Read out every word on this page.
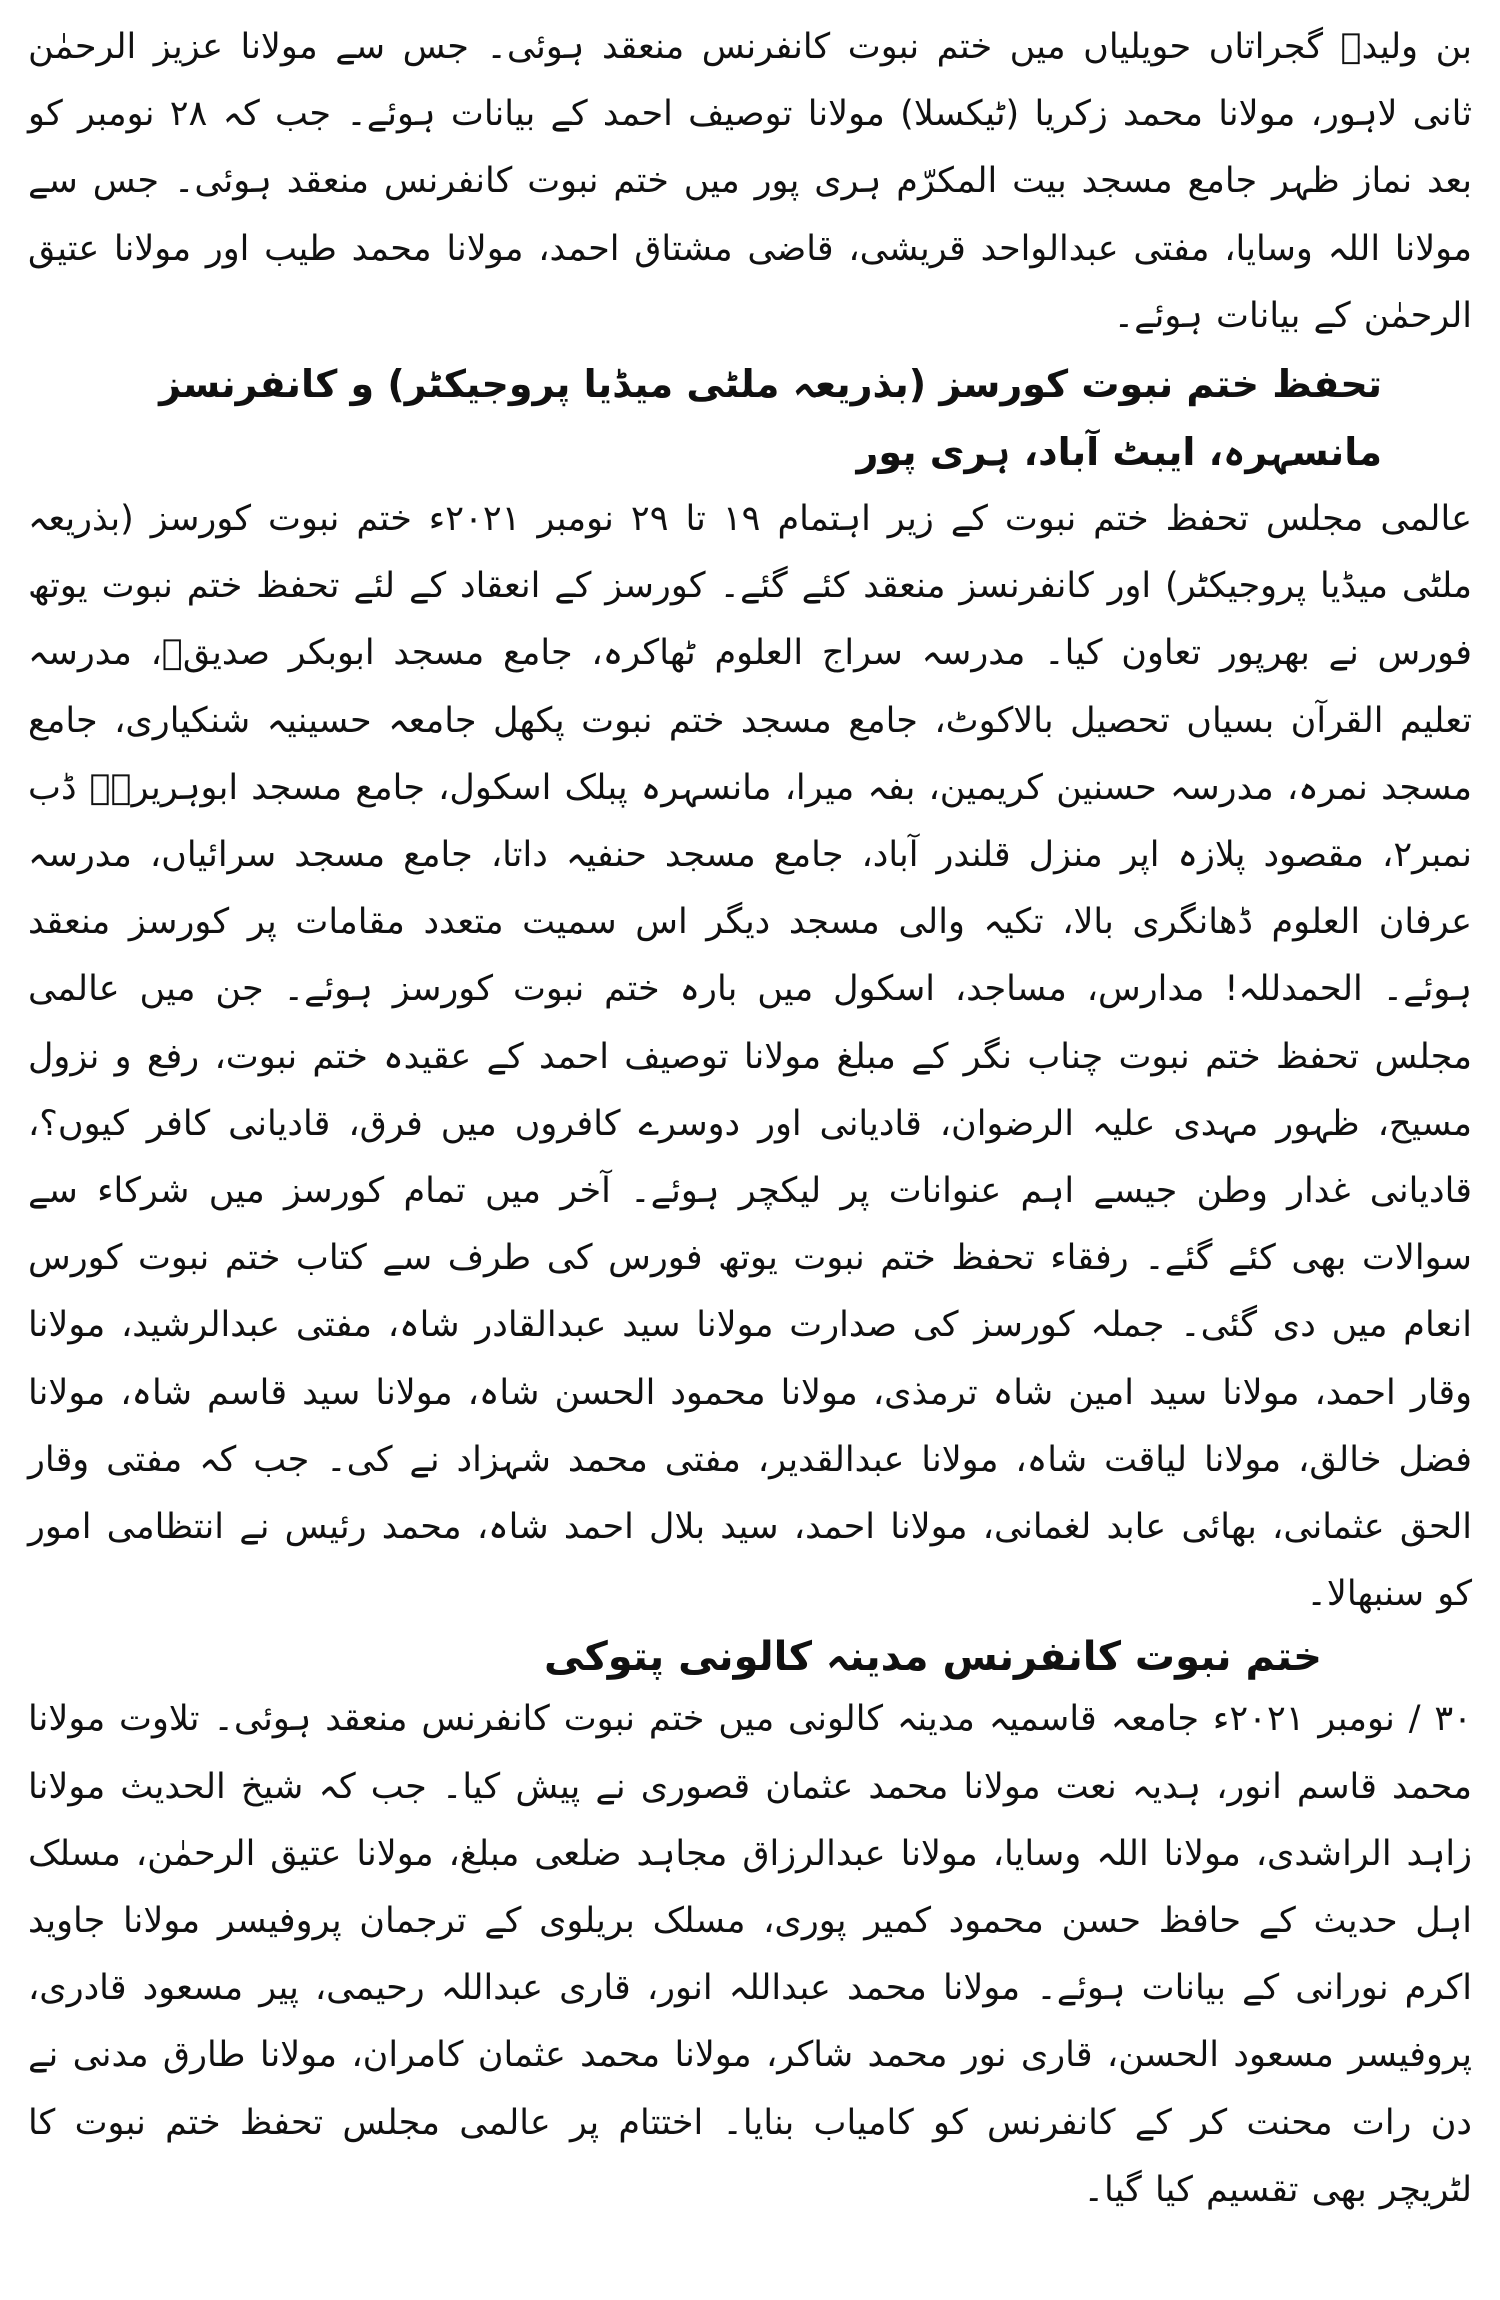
بن ولیدؓ گجراتاں حویلیاں میں ختم نبوت کانفرنس منعقد ہوئی۔ جس سے مولانا عزیز الرحمٰن ثانی لاہور، مولانا محمد زکریا (ٹیکسلا) مولانا توصیف احمد کے بیانات ہوئے۔ جب کہ ۲۸ نومبر کو بعد نماز ظہر جامع مسجد بیت المکرّم ہری پور میں ختم نبوت کانفرنس منعقد ہوئی۔ جس سے مولانا اللہ وسایا، مفتی عبدالواحد قریشی، قاضی مشتاق احمد، مولانا محمد طیب اور مولانا عتیق الرحمٰن کے بیانات ہوئے۔

تحفظ ختم نبوت کورسز (بذریعہ ملٹی میڈیا پروجیکٹر) و کانفرنسز مانسہرہ، ایبٹ آباد، ہری پور

عالمی مجلس تحفظ ختم نبوت کے زیر اہتمام ۱۹ تا ۲۹ نومبر ۲۰۲۱ء ختم نبوت کورسز (بذریعہ ملٹی میڈیا پروجیکٹر) اور کانفرنسز منعقد کئے گئے۔ کورسز کے انعقاد کے لئے تحفظ ختم نبوت یوتھ فورس نے بھرپور تعاون کیا۔ مدرسہ سراج العلوم ٹھاکرہ، جامع مسجد ابوبکر صدیقؓ، مدرسہ تعلیم القرآن بسیاں تحصیل بالاکوٹ، جامع مسجد ختم نبوت پکھل جامعہ حسینیہ شنکیاری، جامع مسجد نمرہ، مدرسہ حسنین کریمین، بفہ میرا، مانسہرہ پبلک اسکول، جامع مسجد ابوہریرہؓ ڈب نمبر۲، مقصود پلازہ اپر منزل قلندر آباد، جامع مسجد حنفیہ داتا، جامع مسجد سرائیاں، مدرسہ عرفان العلوم ڈھانگری بالا، تکیہ والی مسجد دیگر اس سمیت متعدد مقامات پر کورسز منعقد ہوئے۔ الحمدللہ! مدارس، مساجد، اسکول میں بارہ ختم نبوت کورسز ہوئے۔ جن میں عالمی مجلس تحفظ ختم نبوت چناب نگر کے مبلغ مولانا توصیف احمد کے عقیدہ ختم نبوت، رفع و نزول مسیح، ظہور مہدی علیہ الرضوان، قادیانی اور دوسرے کافروں میں فرق، قادیانی کافر کیوں؟، قادیانی غدار وطن جیسے اہم عنوانات پر لیکچر ہوئے۔ آخر میں تمام کورسز میں شرکاء سے سوالات بھی کئے گئے۔ رفقاء تحفظ ختم نبوت یوتھ فورس کی طرف سے کتاب ختم نبوت کورس انعام میں دی گئی۔ جملہ کورسز کی صدارت مولانا سید عبدالقادر شاہ، مفتی عبدالرشید، مولانا وقار احمد، مولانا سید امین شاہ ترمذی، مولانا محمود الحسن شاہ، مولانا سید قاسم شاہ، مولانا فضل خالق، مولانا لیاقت شاہ، مولانا عبدالقدیر، مفتی محمد شہزاد نے کی۔ جب کہ مفتی وقار الحق عثمانی، بھائی عابد لغمانی، مولانا احمد، سید بلال احمد شاہ، محمد رئیس نے انتظامی امور کو سنبھالا۔

ختم نبوت کانفرنس مدینہ کالونی پتوکی

۳۰ / نومبر ۲۰۲۱ء جامعہ قاسمیہ مدینہ کالونی میں ختم نبوت کانفرنس منعقد ہوئی۔ تلاوت مولانا محمد قاسم انور، ہدیہ نعت مولانا محمد عثمان قصوری نے پیش کیا۔ جب کہ شیخ الحدیث مولانا زاہد الراشدی، مولانا اللہ وسایا، مولانا عبدالرزاق مجاہد ضلعی مبلغ، مولانا عتیق الرحمٰن، مسلک اہل حدیث کے حافظ حسن محمود کمیر پوری، مسلک بریلوی کے ترجمان پروفیسر مولانا جاوید اکرم نورانی کے بیانات ہوئے۔ مولانا محمد عبداللہ انور، قاری عبداللہ رحیمی، پیر مسعود قادری، پروفیسر مسعود الحسن، قاری نور محمد شاکر، مولانا محمد عثمان کامران، مولانا طارق مدنی نے دن رات محنت کر کے کانفرنس کو کامیاب بنایا۔ اختتام پر عالمی مجلس تحفظ ختم نبوت کا لٹریچر بھی تقسیم کیا گیا۔
